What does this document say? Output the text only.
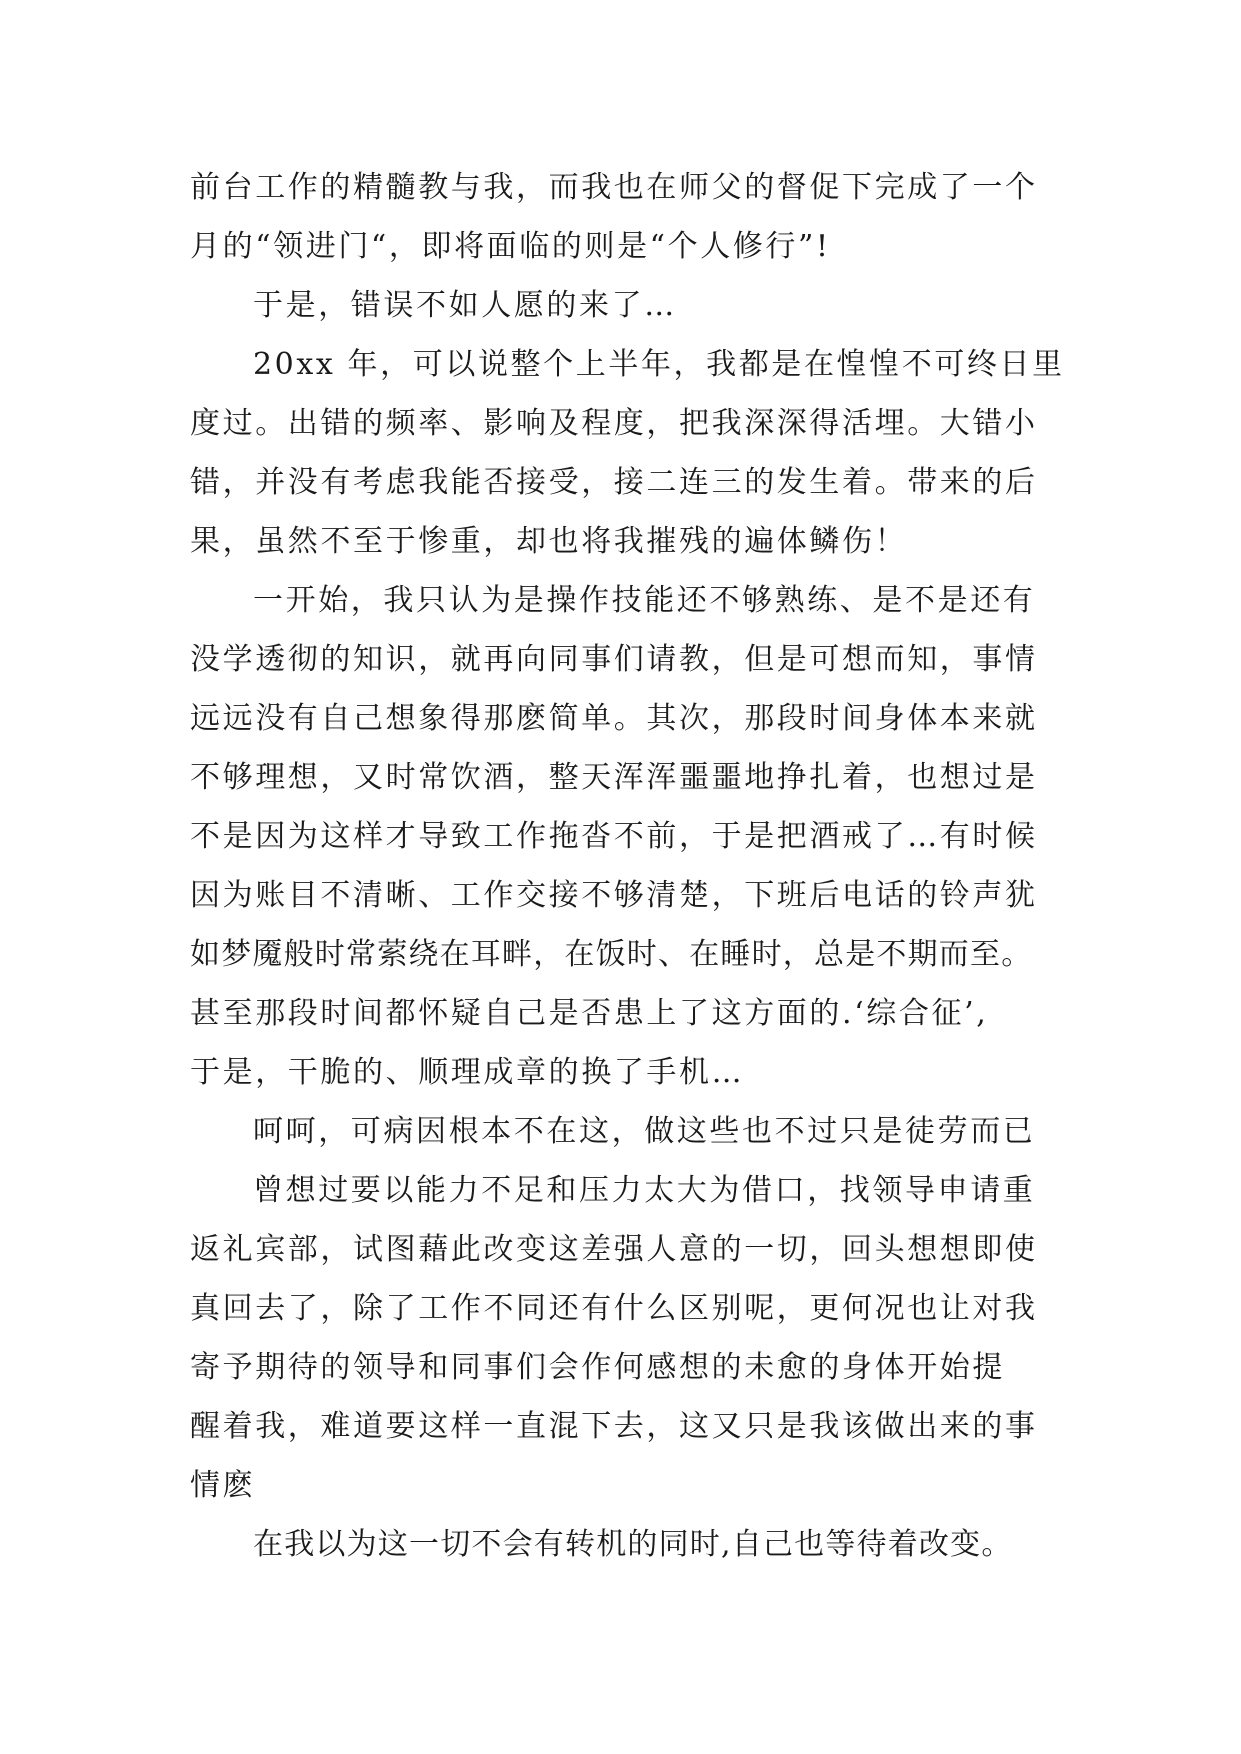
前台工作的精髓教与我，而我也在师父的督促下完成了一个
月的“领进门“，即将面临的则是“个人修行”!
于是，错误不如人愿的来了…
20xx 年，可以说整个上半年，我都是在惶惶不可终日里
度过。出错的频率、影响及程度，把我深深得活埋。大错小
错，并没有考虑我能否接受，接二连三的发生着。带来的后
果，虽然不至于惨重，却也将我摧残的遍体鳞伤！
一开始，我只认为是操作技能还不够熟练、是不是还有
没学透彻的知识，就再向同事们请教，但是可想而知，事情
远远没有自己想象得那麽简单。其次，那段时间身体本来就
不够理想，又时常饮酒，整天浑浑噩噩地挣扎着，也想过是
不是因为这样才导致工作拖沓不前，于是把酒戒了…有时候
因为账目不清晰、工作交接不够清楚，下班后电话的铃声犹
如梦魇般时常萦绕在耳畔，在饭时、在睡时，总是不期而至。
甚至那段时间都怀疑自己是否患上了这方面的.‘综合征’,
于是，干脆的、顺理成章的换了手机…
呵呵，可病因根本不在这，做这些也不过只是徒劳而已
曾想过要以能力不足和压力太大为借口，找领导申请重
返礼宾部，试图藉此改变这差强人意的一切，回头想想即使
真回去了，除了工作不同还有什么区别呢，更何况也让对我
寄予期待的领导和同事们会作何感想的未愈的身体开始提
醒着我，难道要这样一直混下去，这又只是我该做出来的事
情麽
在我以为这一切不会有转机的同时,自己也等待着改变。
